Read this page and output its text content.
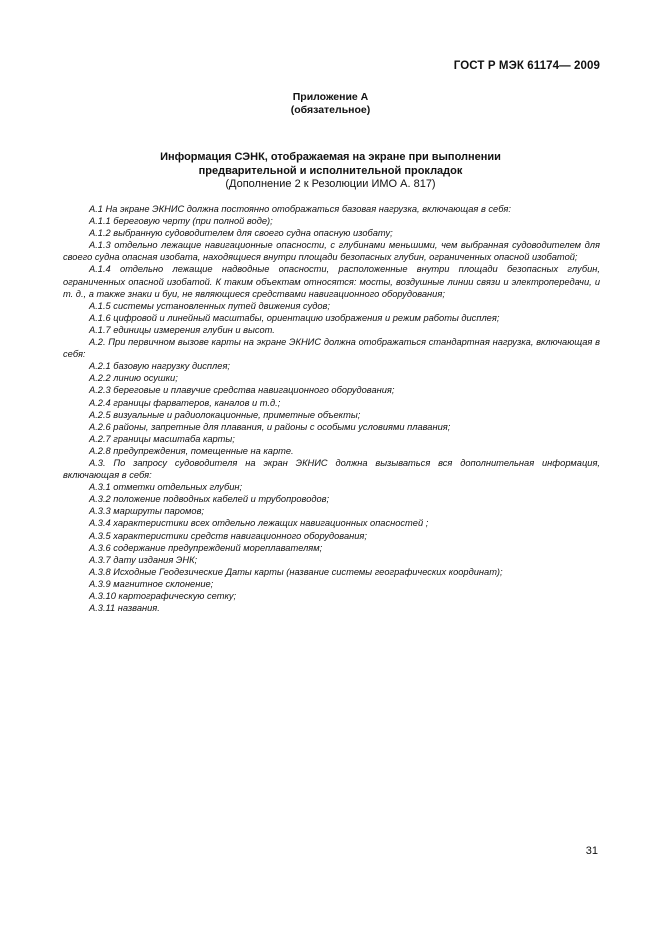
ГОСТ Р МЭК 61174— 2009
Приложение А
(обязательное)
Информация СЭНК, отображаемая на экране при выполнении
предварительной и исполнительной прокладок
(Дополнение 2 к Резолюции ИМО А. 817)

А.1 На экране ЭКНИС должна постоянно отображаться базовая нагрузка, включающая в себя:

А.1.1 береговую черту (при полной воде);

А.1.2 выбранную судоводителем для своего судна опасную изобату;

А.1.3 отдельно лежащие навигационные опасности, с глубинами меньшими, чем выбранная судоводителем для своего судна опасная изобата, находящиеся внутри площади безопасных глубин, ограниченных опасной изобатой;

А.1.4 отдельно лежащие надводные опасности, расположенные внутри площади безопасных глубин, ограниченных опасной изобатой. К таким объектам относятся: мосты, воздушные линии связи и электропередачи, и т. д., а также знаки и буи, не являющиеся средствами навигационного оборудования;

А.1.5 системы установленных путей движения судов;

А.1.6 цифровой и линейный масштабы, ориентацию изображения и режим работы дисплея;

А.1.7 единицы измерения глубин и высот.

А.2. При первичном вызове карты на экране ЭКНИС должна отображаться стандартная нагрузка, включающая в себя:

А.2.1 базовую нагрузку дисплея;

А.2.2 линию осушки;

А.2.3 береговые и плавучие средства навигационного оборудования;

А.2.4 границы фарватеров, каналов и т.д.;

А.2.5 визуальные и радиолокационные, приметные объекты;

А.2.6 районы, запретные для плавания, и районы с особыми условиями плавания;

А.2.7 границы масштаба карты;

А.2.8 предупреждения, помещенные на карте.

А.3. По запросу судоводителя на экран ЭКНИС должна вызываться вся дополнительная информация, включающая в себя:

А.3.1 отметки отдельных глубин;

А.3.2 положение подводных кабелей и трубопроводов;

А.3.3 маршруты паромов;

А.3.4 характеристики всех отдельно лежащих навигационных опасностей ;

А.3.5 характеристики средств навигационного оборудования;

А.3.6 содержание предупреждений мореплавателям;

А.3.7 дату издания ЭНК;

А.3.8 Исходные Геодезические Даты карты (название системы географических координат);

А.3.9 магнитное склонение;

А.3.10 картографическую сетку;

А.3.11 названия.

31
